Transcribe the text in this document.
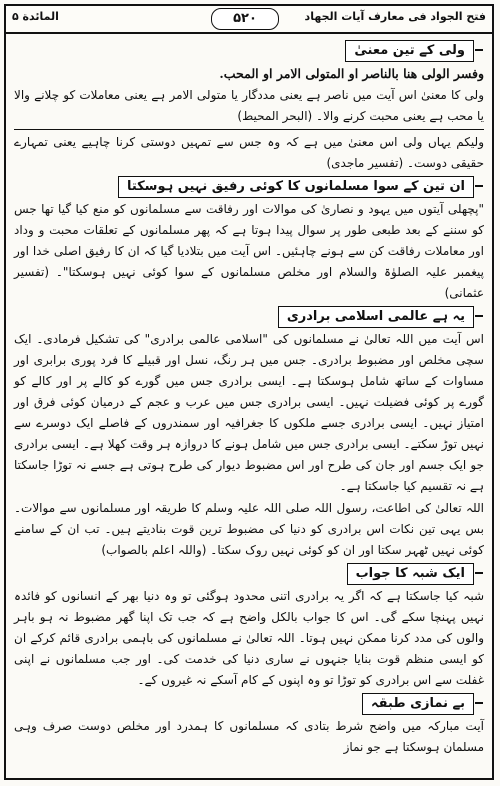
المائدة ۵	۵۲۰	فتح الجواد فی معارف آیات الجهاد
ولی کے تین معنیٰ

وفسر الولی هنا بالناصر او المتولی الامر او المحب.

ولی کا معنیٰ اس آیت میں ناصر ہے یعنی مددگار یا متولی الامر ہے یعنی معاملات کو چلانے والا یا محب ہے یعنی محبت کرنے والا۔ (البحر المحیط)

ولیکم یہاں ولی اس معنیٰ میں ہے کہ وہ جس سے تمہیں دوستی کرنا چاہیے یعنی تمہارے حقیقی دوست۔ (تفسیر ماجدی)

ان تین کے سوا مسلمانوں کا کوئی رفیق نہیں ہوسکتا

"پچھلی آیتوں میں یہود و نصاریٰ کی موالات اور رفاقت سے مسلمانوں کو منع کیا گیا تھا جس کو سننے کے بعد طبعی طور پر سوال پیدا ہوتا ہے کہ پھر مسلمانوں کے تعلقات محبت و وداد اور معاملات رفاقت کن سے ہونے چاہئیں۔ اس آیت میں بتلادیا گیا کہ ان کا رفیق اصلی خدا اور پیغمبر علیہ الصلوٰۃ والسلام اور مخلص مسلمانوں کے سوا کوئی نہیں ہوسکتا"۔ (تفسیر عثمانی)

یہ ہے عالمی اسلامی برادری

اس آیت میں اللہ تعالیٰ نے مسلمانوں کی "اسلامی عالمی برادری" کی تشکیل فرمادی۔ ایک سچی مخلص اور مضبوط برادری۔ جس میں ہر رنگ، نسل اور قبیلے کا فرد پوری برابری اور مساوات کے ساتھ شامل ہوسکتا ہے۔ ایسی برادری جس میں گورے کو کالے پر اور کالے کو گورے پر کوئی فضیلت نہیں۔ ایسی برادری جس میں عرب و عجم کے درمیان کوئی فرق اور امتیاز نہیں۔ ایسی برادری جسے ملکوں کا جغرافیہ اور سمندروں کے فاصلے ایک دوسرے سے نہیں توڑ سکتے۔ ایسی برادری جس میں شامل ہونے کا دروازہ ہر وقت کھلا ہے۔ ایسی برادری جو ایک جسم اور جان کی طرح اور اس مضبوط دیوار کی طرح ہوتی ہے جسے نہ توڑا جاسکتا ہے نہ تقسیم کیا جاسکتا ہے۔

اللہ تعالیٰ کی اطاعت، رسول اللہ صلی اللہ علیہ وسلم کا طریقہ اور مسلمانوں سے موالات۔ بس یہی تین نکات اس برادری کو دنیا کی مضبوط ترین قوت بنادیتے ہیں۔ تب ان کے سامنے کوئی نہیں ٹھہر سکتا اور ان کو کوئی نہیں روک سکتا۔ (واللہ اعلم بالصواب)

ایک شبہ کا جواب

شبہ کیا جاسکتا ہے کہ اگر یہ برادری اتنی محدود ہوگئی تو وہ دنیا بھر کے انسانوں کو فائدہ نہیں پہنچا سکے گی۔ اس کا جواب بالکل واضح ہے کہ جب تک اپنا گھر مضبوط نہ ہو باہر والوں کی مدد کرنا ممکن نہیں ہوتا۔ اللہ تعالیٰ نے مسلمانوں کی باہمی برادری قائم کرکے ان کو ایسی منظم قوت بنایا جنہوں نے ساری دنیا کی خدمت کی۔ اور جب مسلمانوں نے اپنی غفلت سے اس برادری کو توڑا تو وہ اپنوں کے کام آسکے نہ غیروں کے۔

بے نمازی طبقہ

آیت مبارکہ میں واضح شرط بتادی کہ مسلمانوں کا ہمدرد اور مخلص دوست صرف وہی مسلمان ہوسکتا ہے جو نماز
